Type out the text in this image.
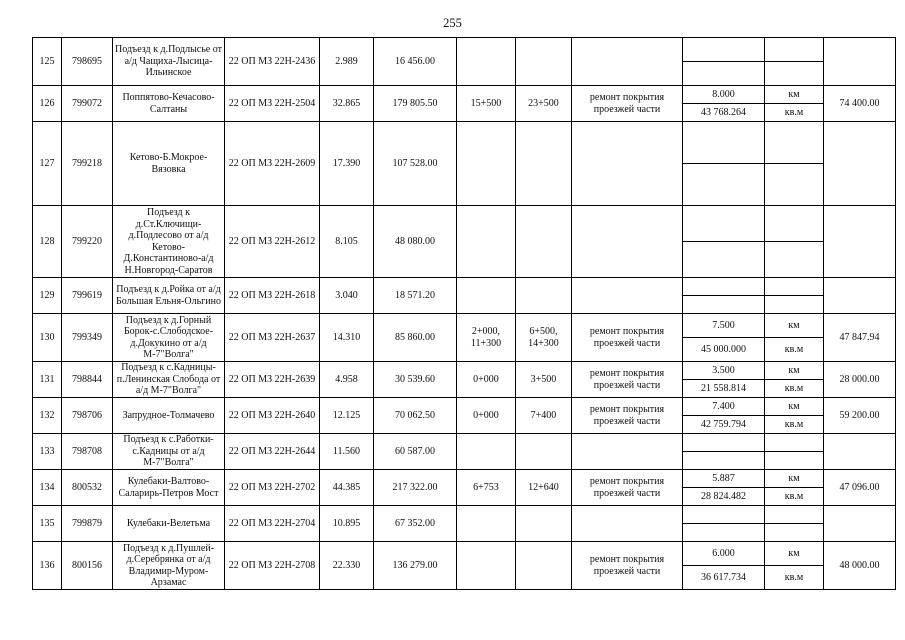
255
125	798695	Подъезд к д.Подлысье от а/д Чащиха-Лысица-Ильинское	22 ОП МЗ 22Н-2436	2.989	16 456.00						

126	799072	Поппятово-Кечасово-Салтаны	22 ОП МЗ 22Н-2504	32.865	179 805.50	15+500	23+500	ремонт покрытия проезжей части	8.000	км	74 400.00
									43 768.264	кв.м	
127	799218	Кетово-Б.Мокрое-Вязовка	22 ОП МЗ 22Н-2609	17.390	107 528.00						

128	799220	Подъезд к д.Ст.Ключищи-д.Подлесово от а/д Кетово-Д.Константиново-а/д Н.Новгород-Саратов	22 ОП МЗ 22Н-2612	8.105	48 080.00						

129	799619	Подъезд к д.Ройка от а/д Большая Ельня-Ольгино	22 ОП МЗ 22Н-2618	3.040	18 571.20						

130	799349	Подъезд к д.Горный Борок-с.Слободское-д.Докукино от а/д М-7"Волга"	22 ОП МЗ 22Н-2637	14.310	85 860.00	2+000, 11+300	6+500, 14+300	ремонт покрытия проезжей части	7.500	км	47 847.94
									45 000.000	кв.м	
131	798844	Подъезд к с.Кадницы-п.Ленинская Слобода от а/д М-7"Волга"	22 ОП МЗ 22Н-2639	4.958	30 539.60	0+000	3+500	ремонт покрытия проезжей части	3.500	км	28 000.00
									21 558.814	кв.м	
132	798706	Запрудное-Толмачево	22 ОП МЗ 22Н-2640	12.125	70 062.50	0+000	7+400	ремонт покрытия проезжей части	7.400	км	59 200.00
									42 759.794	кв.м	
133	798708	Подъезд к с.Работки-с.Кадницы от а/д М-7"Волга"	22 ОП МЗ 22Н-2644	11.560	60 587.00						

134	800532	Кулебаки-Валтово-Саларирь-Петров Мост	22 ОП МЗ 22Н-2702	44.385	217 322.00	6+753	12+640	ремонт покрытия проезжей части	5.887	км	47 096.00
									28 824.482	кв.м	
135	799879	Кулебаки-Велетьма	22 ОП МЗ 22Н-2704	10.895	67 352.00						

136	800156	Подъезд к д.Пушлей-д.Серебрянка от а/д Владимир-Муром-Арзамас	22 ОП МЗ 22Н-2708	22.330	136 279.00			ремонт покрытия проезжей части	6.000	км	48 000.00
									36 617.734	кв.м	
